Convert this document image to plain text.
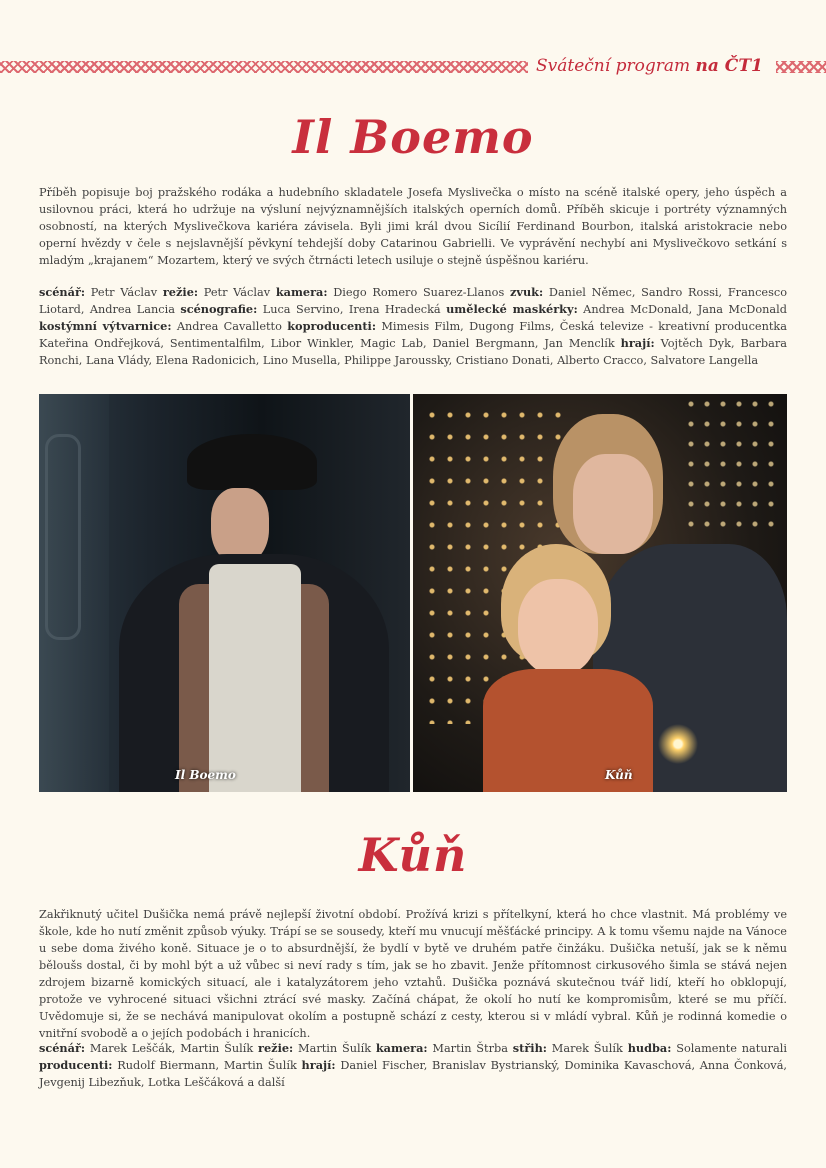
Sváteční program na ČT1
Il Boemo
Příběh popisuje boj pražského rodáka a hudebního skladatele Josefa Myslivečka o místo na scéně italské opery, jeho úspěch a usilovnou práci, která ho udržuje na výsluní nejvýznamnějších italských operních domů. Příběh skicuje i portréty významných osobností, na kterých Myslivečkova kariéra závisela. Byli jimi král dvou Sicílií Ferdinand Bourbon, italská aristokracie nebo operní hvězdy v čele s nejslavnější pěvkyní tehdejší doby Catarinou Gabrielli. Ve vyprávění nechybí ani Myslivečkovo setkání s mladým „krajanem“ Mozartem, který ve svých čtrnácti letech usiluje o stejně úspěšnou kariéru.
scénář: Petr Václav režie: Petr Václav kamera: Diego Romero Suarez-Llanos zvuk: Daniel Němec, Sandro Rossi, Francesco Liotard, Andrea Lancia scénografie: Luca Servino, Irena Hradecká umělecké maskérky: Andrea McDonald, Jana McDonald kostýmní výtvarnice: Andrea Cavalletto koproducenti: Mimesis Film, Dugong Films, Česká televize - kreativní producentka Kateřina Ondřejková, Sentimentalfilm, Libor Winkler, Magic Lab, Daniel Bergmann, Jan Menclík hrají: Vojtěch Dyk, Barbara Ronchi, Lana Vlády, Elena Radonicich, Lino Musella, Philippe Jaroussky, Cristiano Donati, Alberto Cracco, Salvatore Langella
Il Boemo	Kůň
Kůň
Zakřiknutý učitel Dušička nemá právě nejlepší životní období. Prožívá krizi s přítelkyní, která ho chce vlastnit. Má problémy ve škole, kde ho nutí změnit způsob výuky. Trápí se se sousedy, kteří mu vnucují měšťácké principy. A k tomu všemu najde na Vánoce u sebe doma živého koně. Situace je o to absurdnější, že bydlí v bytě ve druhém patře činžáku. Dušička netuší, jak se k němu běloušs dostal, či by mohl být a už vůbec si neví rady s tím, jak se ho zbavit. Jenže přítomnost cirkusového šimla se stává nejen zdrojem bizarně komických situací, ale i katalyzátorem jeho vztahů. Dušička poznává skutečnou tvář lidí, kteří ho obklopují, protože ve vyhrocené situaci všichni ztrácí své masky. Začíná chápat, že okolí ho nutí ke kompromisům, které se mu příčí. Uvědomuje si, že se nechává manipulovat okolím a postupně schází z cesty, kterou si v mládí vybral. Kůň je rodinná komedie o vnitřní svobodě a o jejích podobách i hranicích.
scénář: Marek Leščák, Martin Šulík režie: Martin Šulík kamera: Martin Štrba střih: Marek Šulík hudba: Solamente naturali producenti: Rudolf Biermann, Martin Šulík hrají: Daniel Fischer, Branislav Bystrianský, Dominika Kavaschová, Anna Čonková, Jevgenij Libezňuk, Lotka Leščáková a další
